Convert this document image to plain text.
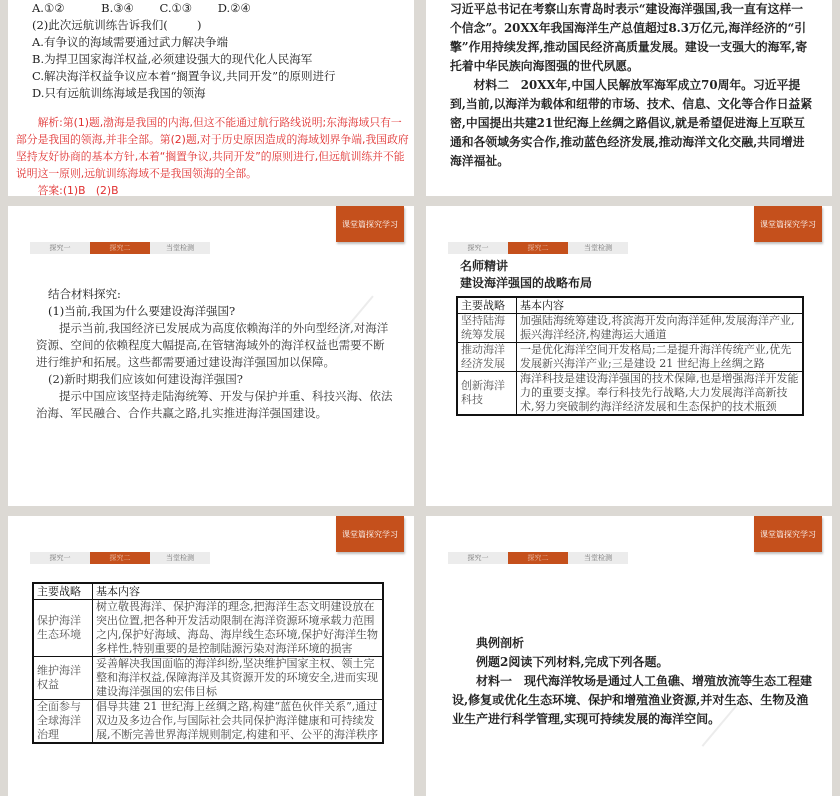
A.①②          B.③④       C.①③       D.②④

(2)此次远航训练告诉我们(        )

A.有争议的海域需要通过武力解决争端

B.为捍卫国家海洋权益,必须建设强大的现代化人民海军

C.解决海洋权益争议应本着“搁置争议,共同开发”的原则进行

D.只有远航训练海域是我国的领海

解析:第(1)题,渤海是我国的内海,但这不能通过航行路线说明;东海海域只有一部分是我国的领海,并非全部。第(2)题,对于历史原因造成的海域划界争端,我国政府坚持友好协商的基本方针,本着“搁置争议,共同开发”的原则进行,但远航训练并不能说明这一原则,远航训练海域不是我国领海的全部。

答案:(1)B   (2)B

习近平总书记在考察山东青岛时表示“建设海洋强国,我一直有这样一个信念”。20XX年我国海洋生产总值超过8.3万亿元,海洋经济的“引擎”作用持续发挥,推动国民经济高质量发展。建设一支强大的海军,寄托着中华民族向海图强的世代夙愿。

材料二　20XX年,中国人民解放军海军成立70周年。习近平提到,当前,以海洋为载体和纽带的市场、技术、信息、文化等合作日益紧密,中国提出共建21世纪海上丝绸之路倡议,就是希望促进海上互联互通和各领域务实合作,推动蓝色经济发展,推动海洋文化交融,共同增进海洋福祉。

课堂篇探究学习
探究一	探究二	当堂检测

结合材料探究:

(1)当前,我国为什么要建设海洋强国?

提示当前,我国经济已发展成为高度依赖海洋的外向型经济,对海洋资源、空间的依赖程度大幅提高,在管辖海域外的海洋权益也需要不断进行维护和拓展。这些都需要通过建设海洋强国加以保障。

(2)新时期我们应该如何建设海洋强国?

提示中国应该坚持走陆海统筹、开发与保护并重、科技兴海、依法治海、军民融合、合作共赢之路,扎实推进海洋强国建设。

课堂篇探究学习
探究一	探究二	当堂检测

名师精讲

建设海洋强国的战略布局

主要战略	基本内容
坚持陆海统筹发展	加强陆海统筹建设,将滨海开发向海洋延伸,发展海洋产业,振兴海洋经济,构建海运大通道
推动海洋经济发展	一是优化海洋空间开发格局;二是提升海洋传统产业,优先发展新兴海洋产业;三是建设 21 世纪海上丝绸之路
创新海洋科技	海洋科技是建设海洋强国的技术保障,也是增强海洋开发能力的重要支撑。奉行科技先行战略,大力发展海洋高新技术,努力突破制约海洋经济发展和生态保护的技术瓶颈
课堂篇探究学习
探究一	探究二	当堂检测
主要战略	基本内容
保护海洋生态环境	树立敬畏海洋、保护海洋的理念,把海洋生态文明建设放在突出位置,把各种开发活动限制在海洋资源环境承载力范围之内,保护好海域、海岛、海岸线生态环境,保护好海洋生物多样性,特别重要的是控制陆源污染对海洋环境的损害
维护海洋权益	妥善解决我国面临的海洋纠纷,坚决维护国家主权、领土完整和海洋权益,保障海洋及其资源开发的环境安全,进而实现建设海洋强国的宏伟目标
全面参与全球海洋治理	倡导共建 21 世纪海上丝绸之路,构建“蓝色伙伴关系”,通过双边及多边合作,与国际社会共同保护海洋健康和可持续发展,不断完善世界海洋规则制定,构建和平、公平的海洋秩序
课堂篇探究学习
探究一	探究二	当堂检测

典例剖析

例题2阅读下列材料,完成下列各题。

材料一　现代海洋牧场是通过人工鱼礁、增殖放流等生态工程建设,修复或优化生态环境、保护和增殖渔业资源,并对生态、生物及渔业生产进行科学管理,实现可持续发展的海洋空间。
